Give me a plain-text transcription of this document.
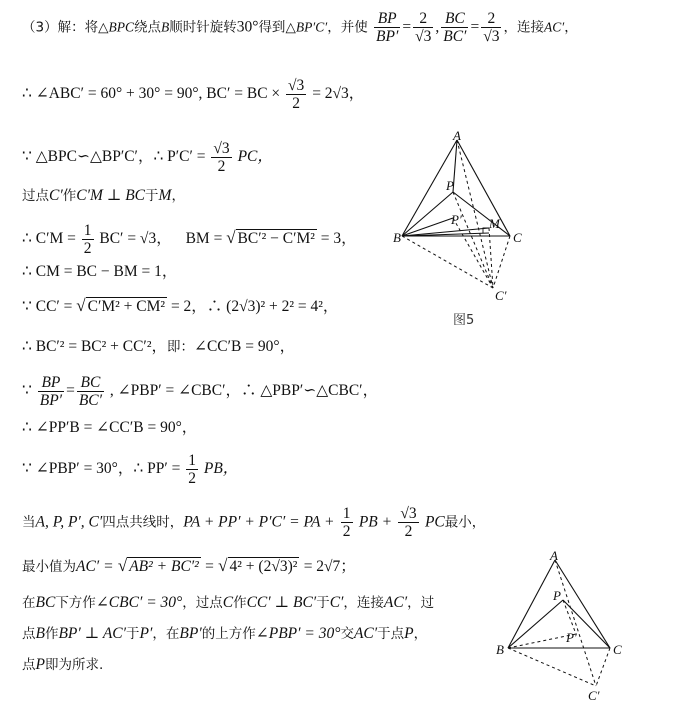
（3）解：将△BPC绕点B顺时针旋转30°得到△BP′C′，并使 $\frac{BP}{BP'} = \frac{2}{√3}$ , $\frac{BC}{BC'} = \frac{2}{√3}$ ，连接AC′，
∴ ∠ABC′ = 60° + 30° = 90°, BC′ = BC × $\frac{√3}{2} = 2√3$，
∵ △BPC∽△BP′C′，∴ $P'C' = \frac{√3}{2}$ PC，
过点C′作C′M ⊥ BC于M，
∴ $C'M = \frac{1}{2} BC' = √3$， BM = √ BC′² − C′M² = 3，
∴ CM = BC − BM = 1，
∵ CC′ = √ C′M² + CM² = 2，∴ (2√3)² + 2² = 4²，
∴ BC′² = BC² + CC′²，即：∠CC′B = 90°，
∵ $\frac{BP}{BP'} = \frac{BC}{BC'}$ , ∠PBP′ = ∠CBC′，∴ △PBP′∽△CBC′，
∴ ∠PP′B = ∠CC′B = 90°，
∵ ∠PBP′ = 30°，∴ $PP' = \frac{1}{2}$ PB，
当A, P, P′, C′四点共线时，PA + PP′ + P′C′ = PA + $\frac{1}{2}$ PB + $\frac{√3}{2}$ PC最小，
最小值为AC′ = √ AB² + BC′² = √ 4² + (2√3)² = 2√7；
在BC下方作∠CBC′ = 30°，过点C作CC′ ⊥ BC′于C′，连接AC′，过
点B作BP′ ⊥ AC′于P′，在BP′的上方作∠PBP′ = 30°交AC′于点P，
点P即为所求.
A
P
P′ M
B	C
C′
图5
A
P
P′
B	C
C′
